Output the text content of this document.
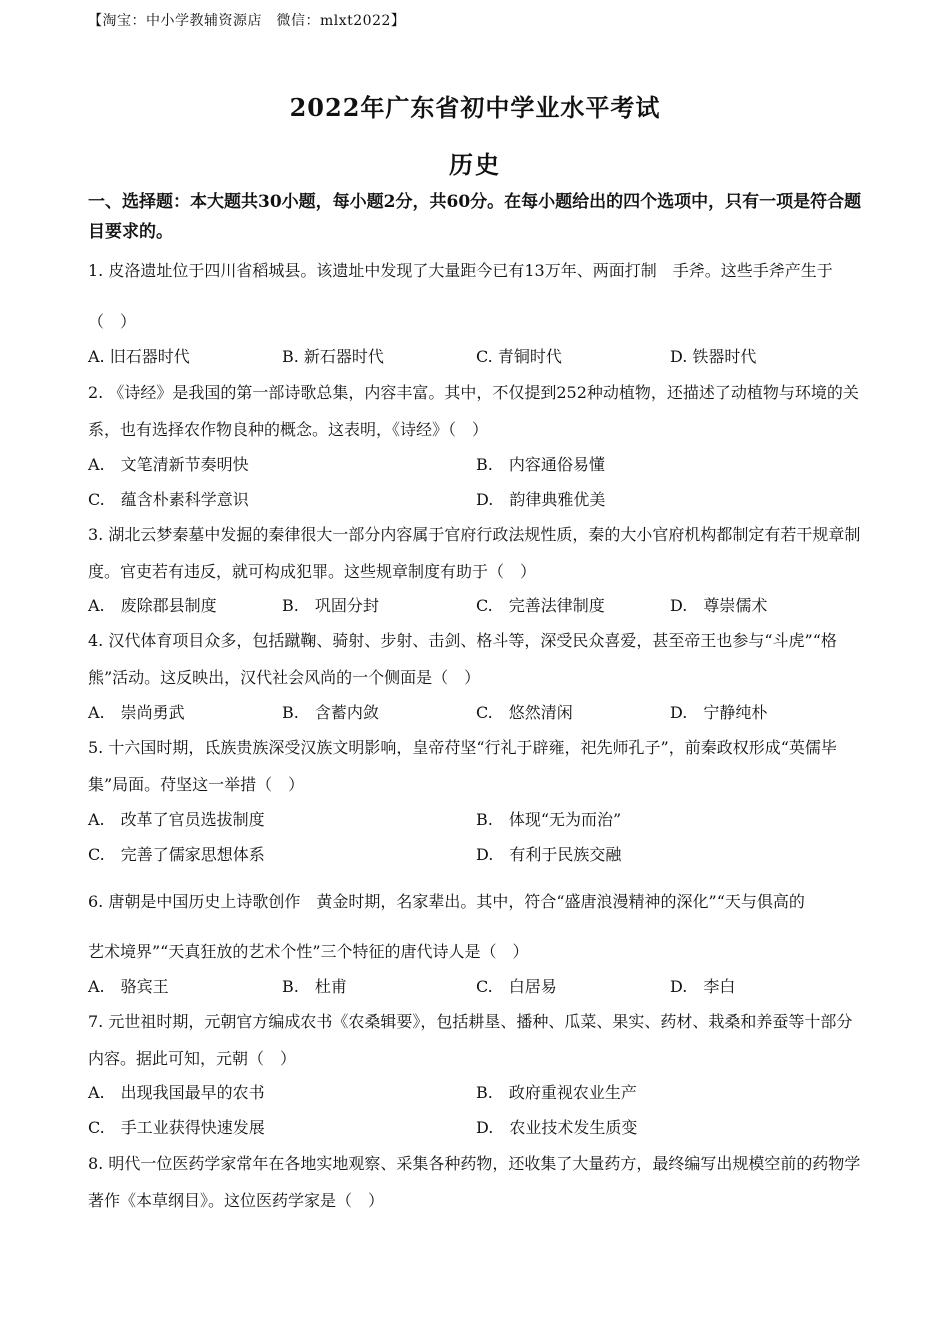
【淘宝：中小学教辅资源店　微信：mlxt2022】
2022年广东省初中学业水平考试
历史
一、选择题：本大题共30小题，每小题2分，共60分。在每小题给出的四个选项中，只有一项是符合题目要求的。
1. 皮洛遗址位于四川省稻城县。该遗址中发现了大量距今已有13万年、两面打制　手斧。这些手斧产生于
（　）
A. 旧石器时代	B. 新石器时代	C. 青铜时代	D. 铁器时代
2. 《诗经》是我国的第一部诗歌总集，内容丰富。其中，不仅提到252种动植物，还描述了动植物与环境的关系，也有选择农作物良种的概念。这表明，《诗经》（　）
A.　文笔清新节奏明快	B.　内容通俗易懂
C.　蕴含朴素科学意识	D.　韵律典雅优美
3. 湖北云梦秦墓中发掘的秦律很大一部分内容属于官府行政法规性质，秦的大小官府机构都制定有若干规章制度。官吏若有违反，就可构成犯罪。这些规章制度有助于（　）
A.　废除郡县制度	B.　巩固分封	C.　完善法律制度	D.　尊崇儒术
4. 汉代体育项目众多，包括蹴鞠、骑射、步射、击剑、格斗等，深受民众喜爱，甚至帝王也参与“斗虎”“格熊”活动。这反映出，汉代社会风尚的一个侧面是（　）
A.　崇尚勇武	B.　含蓄内敛	C.　悠然清闲	D.　宁静纯朴
5. 十六国时期，氐族贵族深受汉族文明影响，皇帝苻坚“行礼于辟雍，祀先师孔子”，前秦政权形成“英儒毕集”局面。苻坚这一举措（　）
A.　改革了官员选拔制度	B.　体现“无为而治”
C.　完善了儒家思想体系	D.　有利于民族交融
6. 唐朝是中国历史上诗歌创作　黄金时期，名家辈出。其中，符合“盛唐浪漫精神的深化”“天与俱高的
艺术境界”“天真狂放的艺术个性”三个特征的唐代诗人是（　）
A.　骆宾王	B.　杜甫	C.　白居易	D.　李白
7. 元世祖时期，元朝官方编成农书《农桑辑要》，包括耕垦、播种、瓜菜、果实、药材、栽桑和养蚕等十部分内容。据此可知，元朝（　）
A.　出现我国最早的农书	B.　政府重视农业生产
C.　手工业获得快速发展	D.　农业技术发生质变
8. 明代一位医药学家常年在各地实地观察、采集各种药物，还收集了大量药方，最终编写出规模空前的药物学著作《本草纲目》。这位医药学家是（　）
